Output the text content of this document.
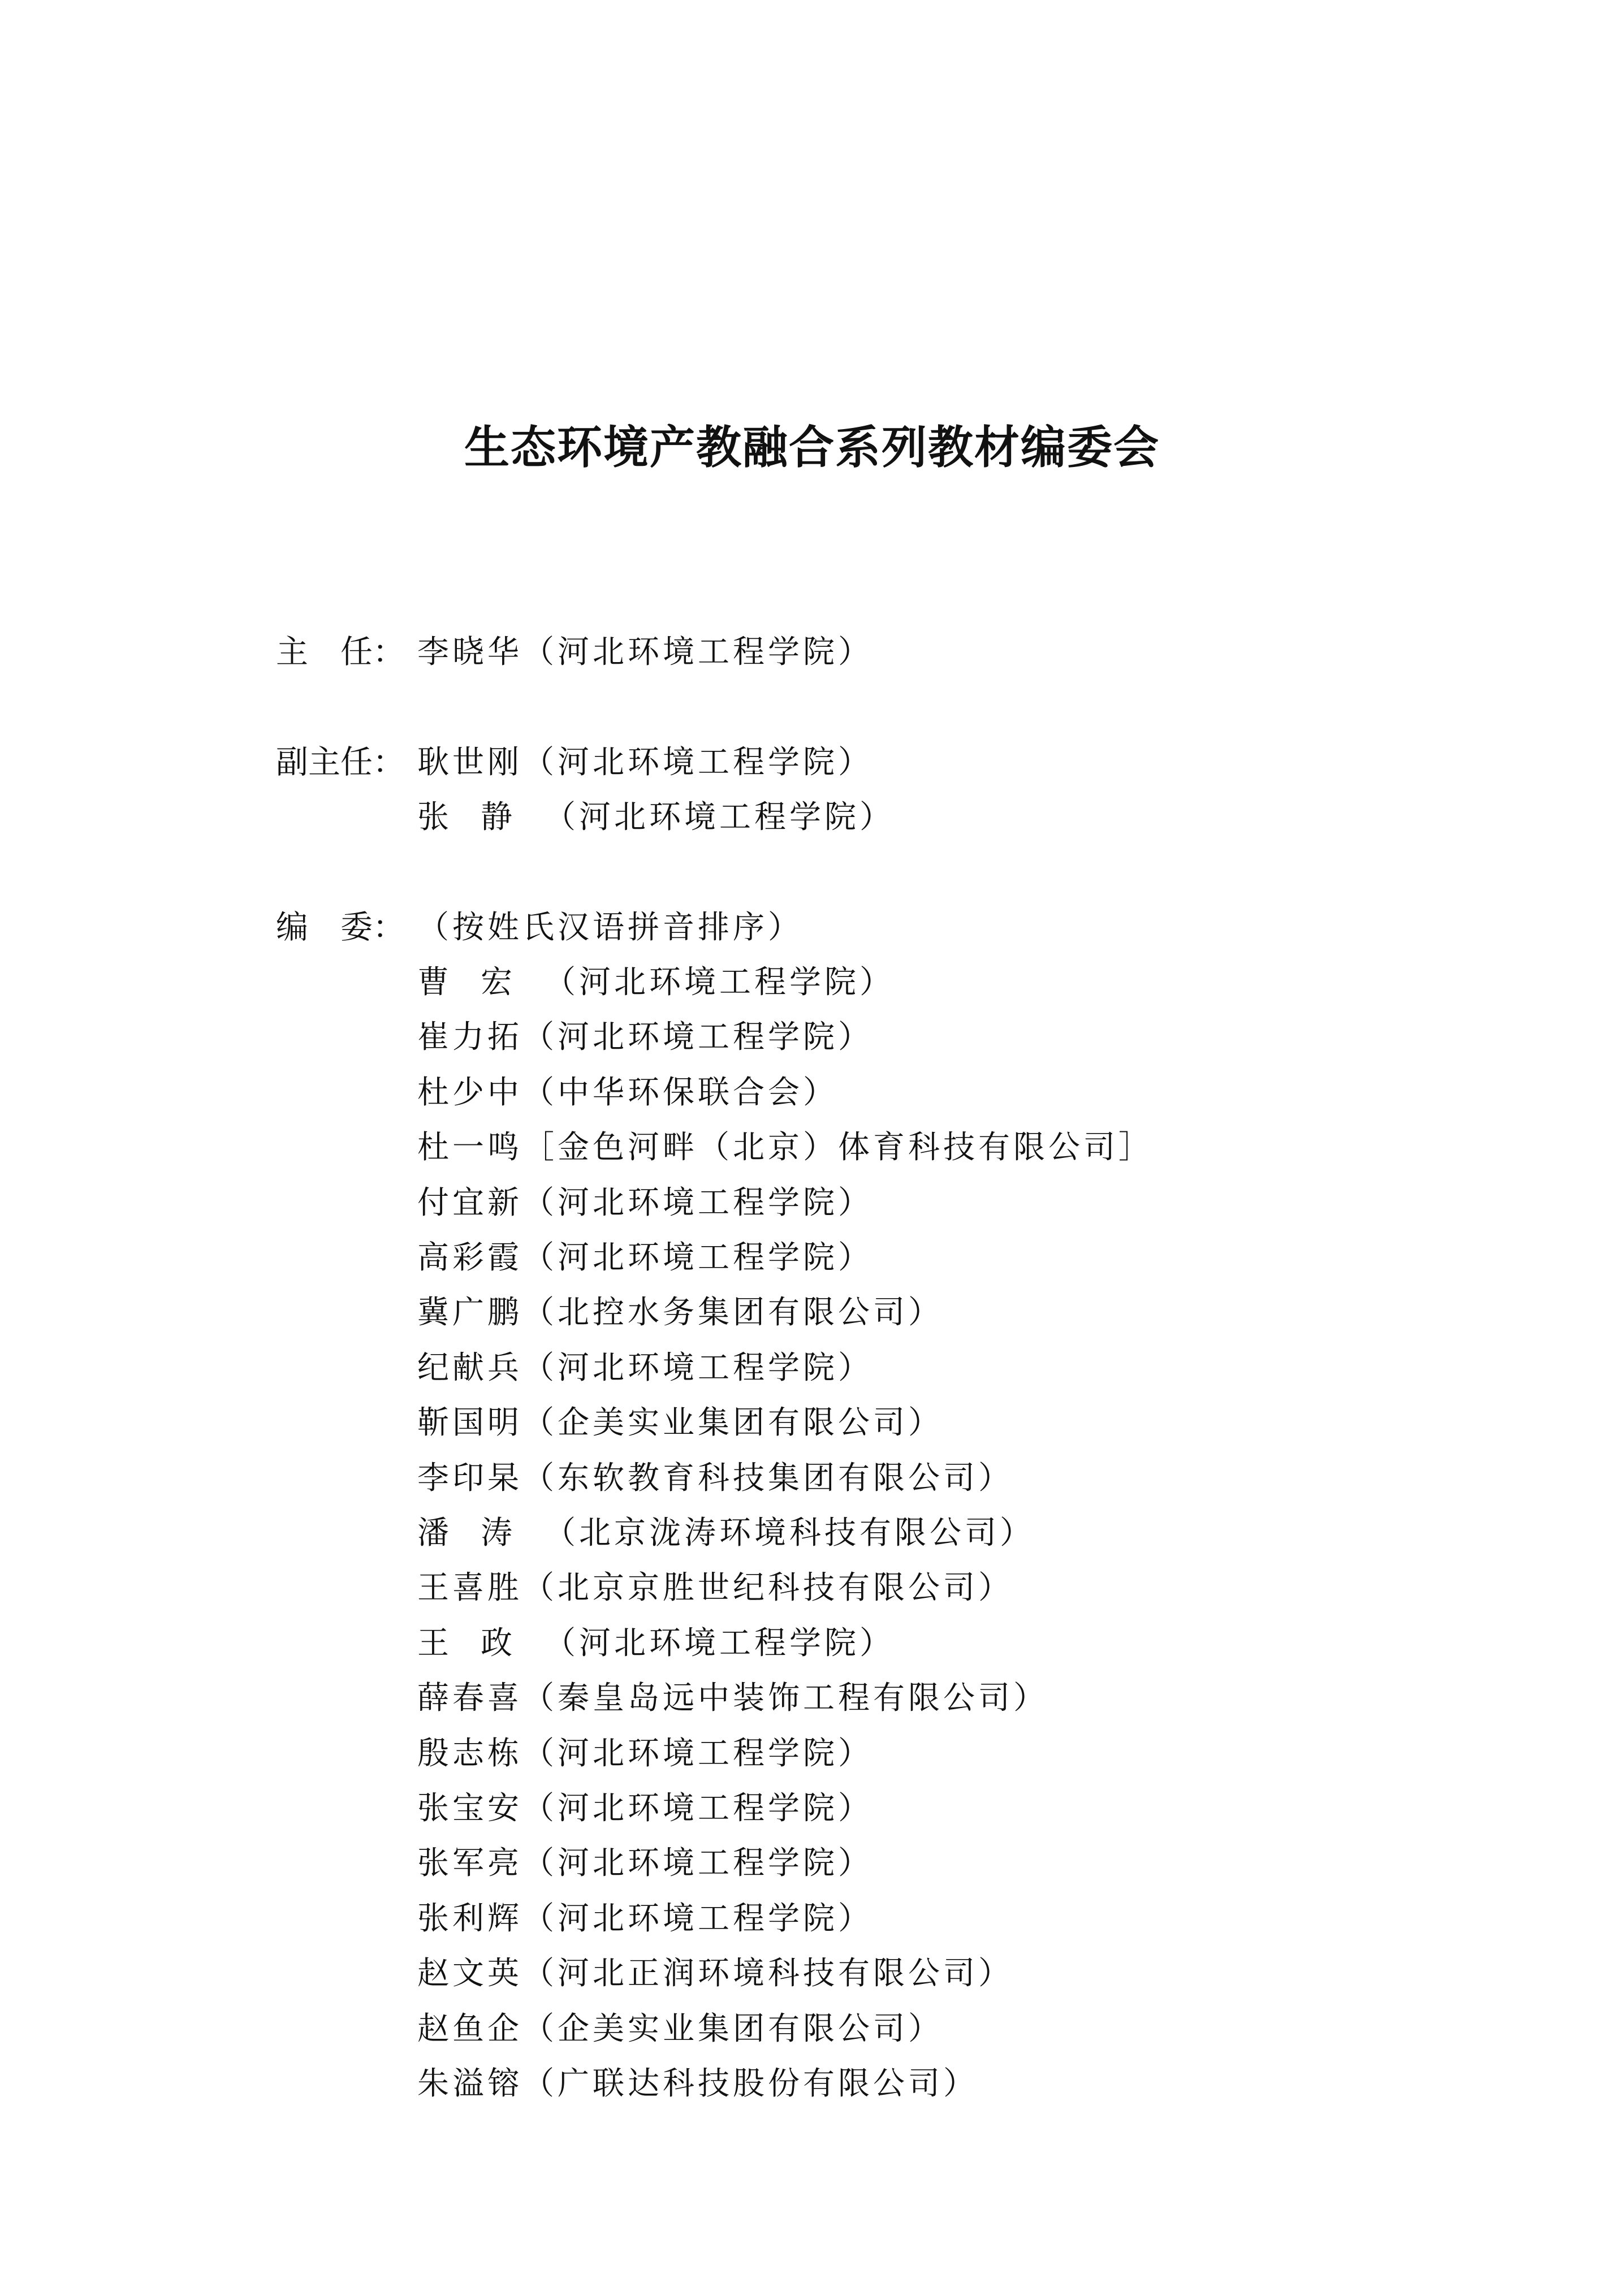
生态环境产教融合系列教材编委会
主　任： 李晓华（河北环境工程学院）
副主任： 耿世刚（河北环境工程学院）
张静（河北环境工程学院）
编　委： （按姓氏汉语拼音排序）
曹宏（河北环境工程学院）
崔力拓（河北环境工程学院）
杜少中（中华环保联合会）
杜一鸣［金色河畔（北京）体育科技有限公司］
付宜新（河北环境工程学院）
高彩霞（河北环境工程学院）
冀广鹏（北控水务集团有限公司）
纪献兵（河北环境工程学院）
靳国明（企美实业集团有限公司）
李印杲（东软教育科技集团有限公司）
潘涛（北京泷涛环境科技有限公司）
王喜胜（北京京胜世纪科技有限公司）
王政（河北环境工程学院）
薛春喜（秦皇岛远中装饰工程有限公司）
殷志栋（河北环境工程学院）
张宝安（河北环境工程学院）
张军亮（河北环境工程学院）
张利辉（河北环境工程学院）
赵文英（河北正润环境科技有限公司）
赵鱼企（企美实业集团有限公司）
朱溢镕（广联达科技股份有限公司）
